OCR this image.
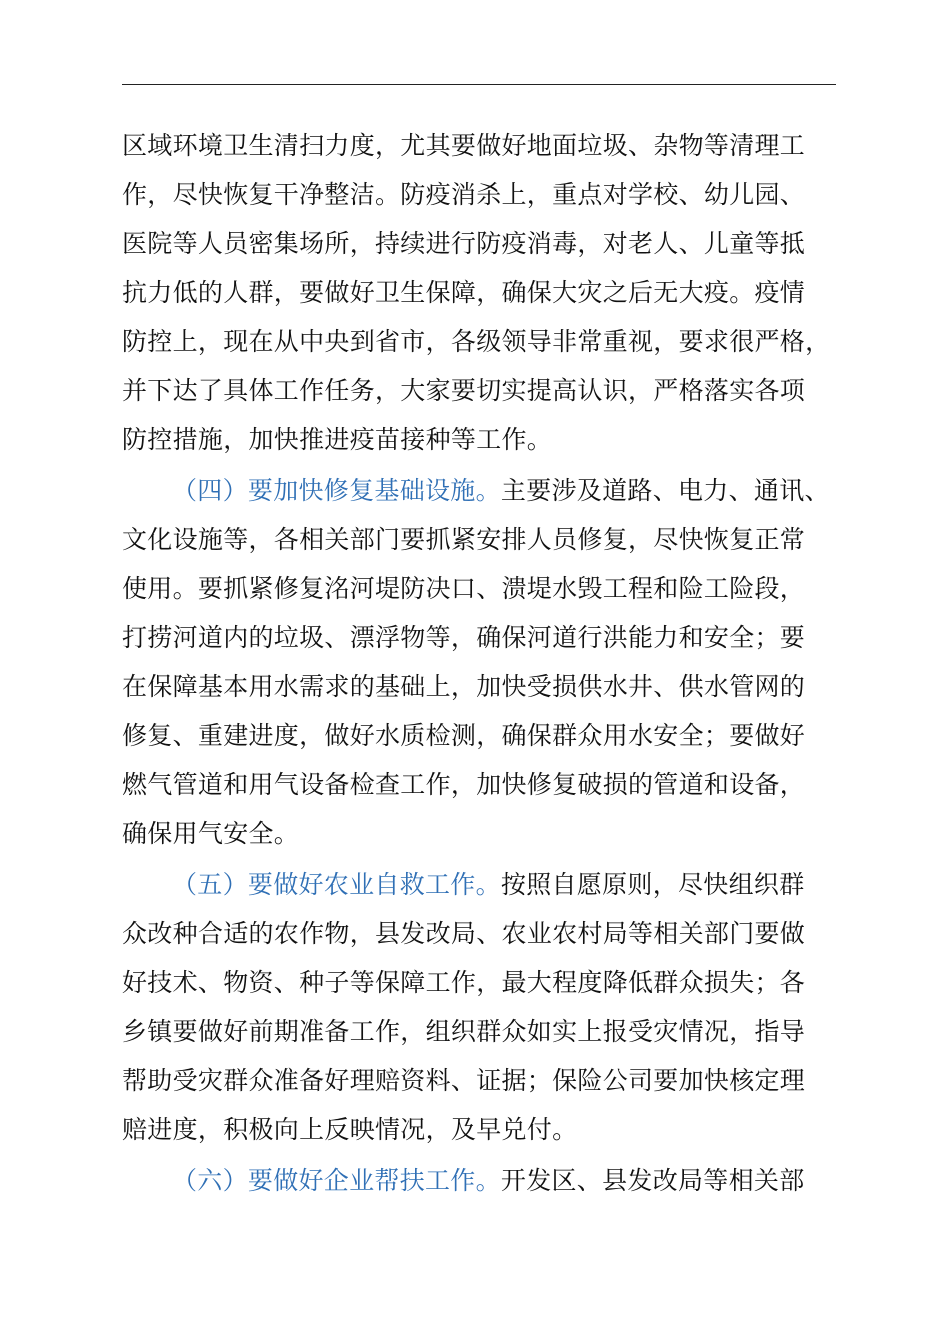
区域环境卫生清扫力度，尤其要做好地面垃圾、杂物等清理工
作，尽快恢复干净整洁。防疫消杀上，重点对学校、幼儿园、
医院等人员密集场所，持续进行防疫消毒，对老人、儿童等抵
抗力低的人群，要做好卫生保障，确保大灾之后无大疫。疫情
防控上，现在从中央到省市，各级领导非常重视，要求很严格，
并下达了具体工作任务，大家要切实提高认识，严格落实各项
防控措施，加快推进疫苗接种等工作。
（四）要加快修复基础设施。主要涉及道路、电力、通讯、
文化设施等，各相关部门要抓紧安排人员修复，尽快恢复正常
使用。要抓紧修复洺河堤防决口、溃堤水毁工程和险工险段，
打捞河道内的垃圾、漂浮物等，确保河道行洪能力和安全；要
在保障基本用水需求的基础上，加快受损供水井、供水管网的
修复、重建进度，做好水质检测，确保群众用水安全；要做好
燃气管道和用气设备检查工作，加快修复破损的管道和设备，
确保用气安全。
（五）要做好农业自救工作。按照自愿原则，尽快组织群
众改种合适的农作物，县发改局、农业农村局等相关部门要做
好技术、物资、种子等保障工作，最大程度降低群众损失；各
乡镇要做好前期准备工作，组织群众如实上报受灾情况，指导
帮助受灾群众准备好理赔资料、证据；保险公司要加快核定理
赔进度，积极向上反映情况，及早兑付。
（六）要做好企业帮扶工作。开发区、县发改局等相关部
